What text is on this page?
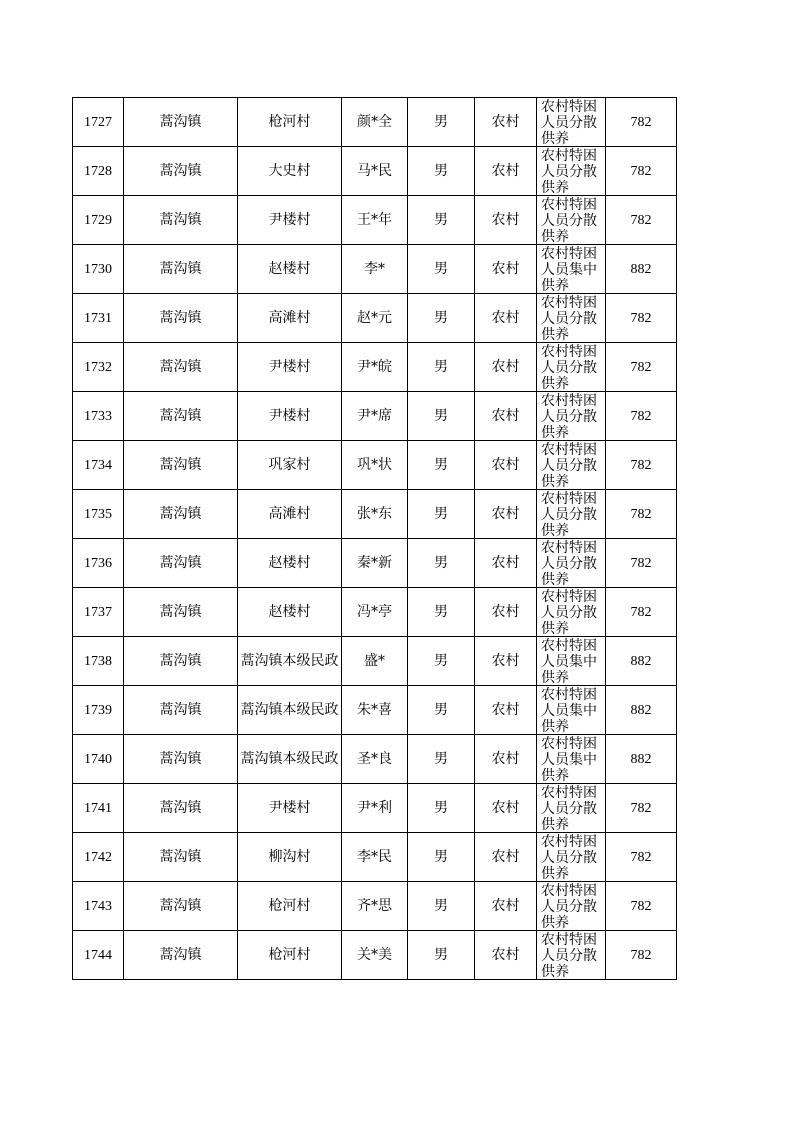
1727	蒿沟镇	枪河村	颜*全	男	农村	农村特困人员分散供养	782
1728	蒿沟镇	大史村	马*民	男	农村	农村特困人员分散供养	782
1729	蒿沟镇	尹楼村	王*年	男	农村	农村特困人员分散供养	782
1730	蒿沟镇	赵楼村	李*	男	农村	农村特困人员集中供养	882
1731	蒿沟镇	高滩村	赵*元	男	农村	农村特困人员分散供养	782
1732	蒿沟镇	尹楼村	尹*皖	男	农村	农村特困人员分散供养	782
1733	蒿沟镇	尹楼村	尹*席	男	农村	农村特困人员分散供养	782
1734	蒿沟镇	巩家村	巩*状	男	农村	农村特困人员分散供养	782
1735	蒿沟镇	高滩村	张*东	男	农村	农村特困人员分散供养	782
1736	蒿沟镇	赵楼村	秦*新	男	农村	农村特困人员分散供养	782
1737	蒿沟镇	赵楼村	冯*亭	男	农村	农村特困人员分散供养	782
1738	蒿沟镇	蒿沟镇本级民政	盛*	男	农村	农村特困人员集中供养	882
1739	蒿沟镇	蒿沟镇本级民政	朱*喜	男	农村	农村特困人员集中供养	882
1740	蒿沟镇	蒿沟镇本级民政	圣*良	男	农村	农村特困人员集中供养	882
1741	蒿沟镇	尹楼村	尹*利	男	农村	农村特困人员分散供养	782
1742	蒿沟镇	柳沟村	李*民	男	农村	农村特困人员分散供养	782
1743	蒿沟镇	枪河村	齐*思	男	农村	农村特困人员分散供养	782
1744	蒿沟镇	枪河村	关*美	男	农村	农村特困人员分散供养	782
